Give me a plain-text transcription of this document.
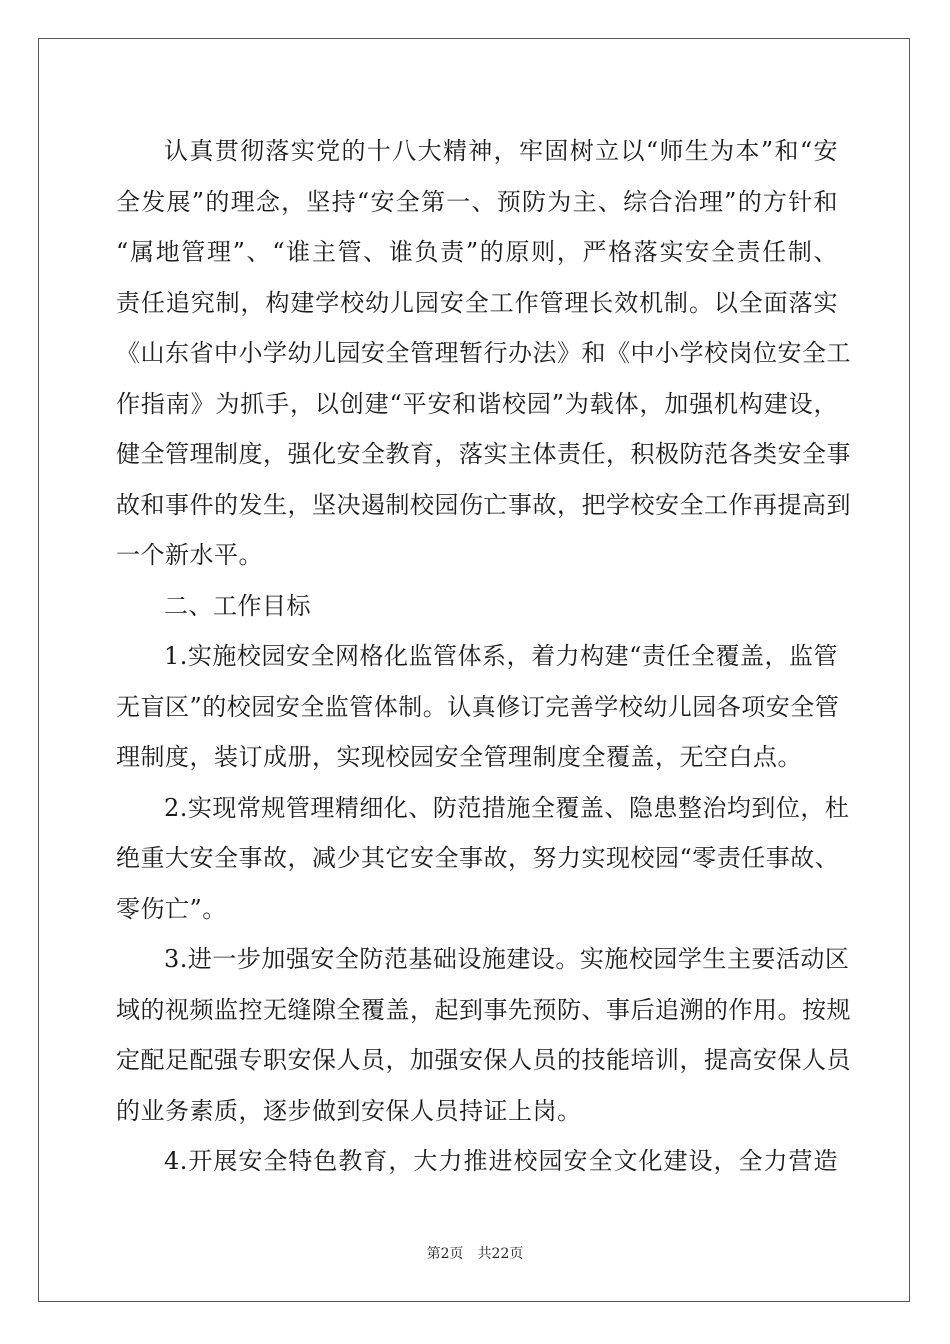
认真贯彻落实党的十八大精神，牢固树立以“师生为本”和“安
全发展”的理念，坚持“安全第一、预防为主、综合治理”的方针和
“属地管理”、“谁主管、谁负责”的原则，严格落实安全责任制、
责任追究制，构建学校幼儿园安全工作管理长效机制。以全面落实
《山东省中小学幼儿园安全管理暂行办法》和《中小学校岗位安全工
作指南》为抓手，以创建“平安和谐校园”为载体，加强机构建设，
健全管理制度，强化安全教育，落实主体责任，积极防范各类安全事
故和事件的发生，坚决遏制校园伤亡事故，把学校安全工作再提高到
一个新水平。
二、工作目标
1.实施校园安全网格化监管体系，着力构建“责任全覆盖，监管
无盲区”的校园安全监管体制。认真修订完善学校幼儿园各项安全管
理制度，装订成册，实现校园安全管理制度全覆盖，无空白点。
2.实现常规管理精细化、防范措施全覆盖、隐患整治均到位，杜
绝重大安全事故，减少其它安全事故，努力实现校园“零责任事故、
零伤亡”。
3.进一步加强安全防范基础设施建设。实施校园学生主要活动区
域的视频监控无缝隙全覆盖，起到事先预防、事后追溯的作用。按规
定配足配强专职安保人员，加强安保人员的技能培训，提高安保人员
的业务素质，逐步做到安保人员持证上岗。
4.开展安全特色教育，大力推进校园安全文化建设，全力营造
第2页 共22页
